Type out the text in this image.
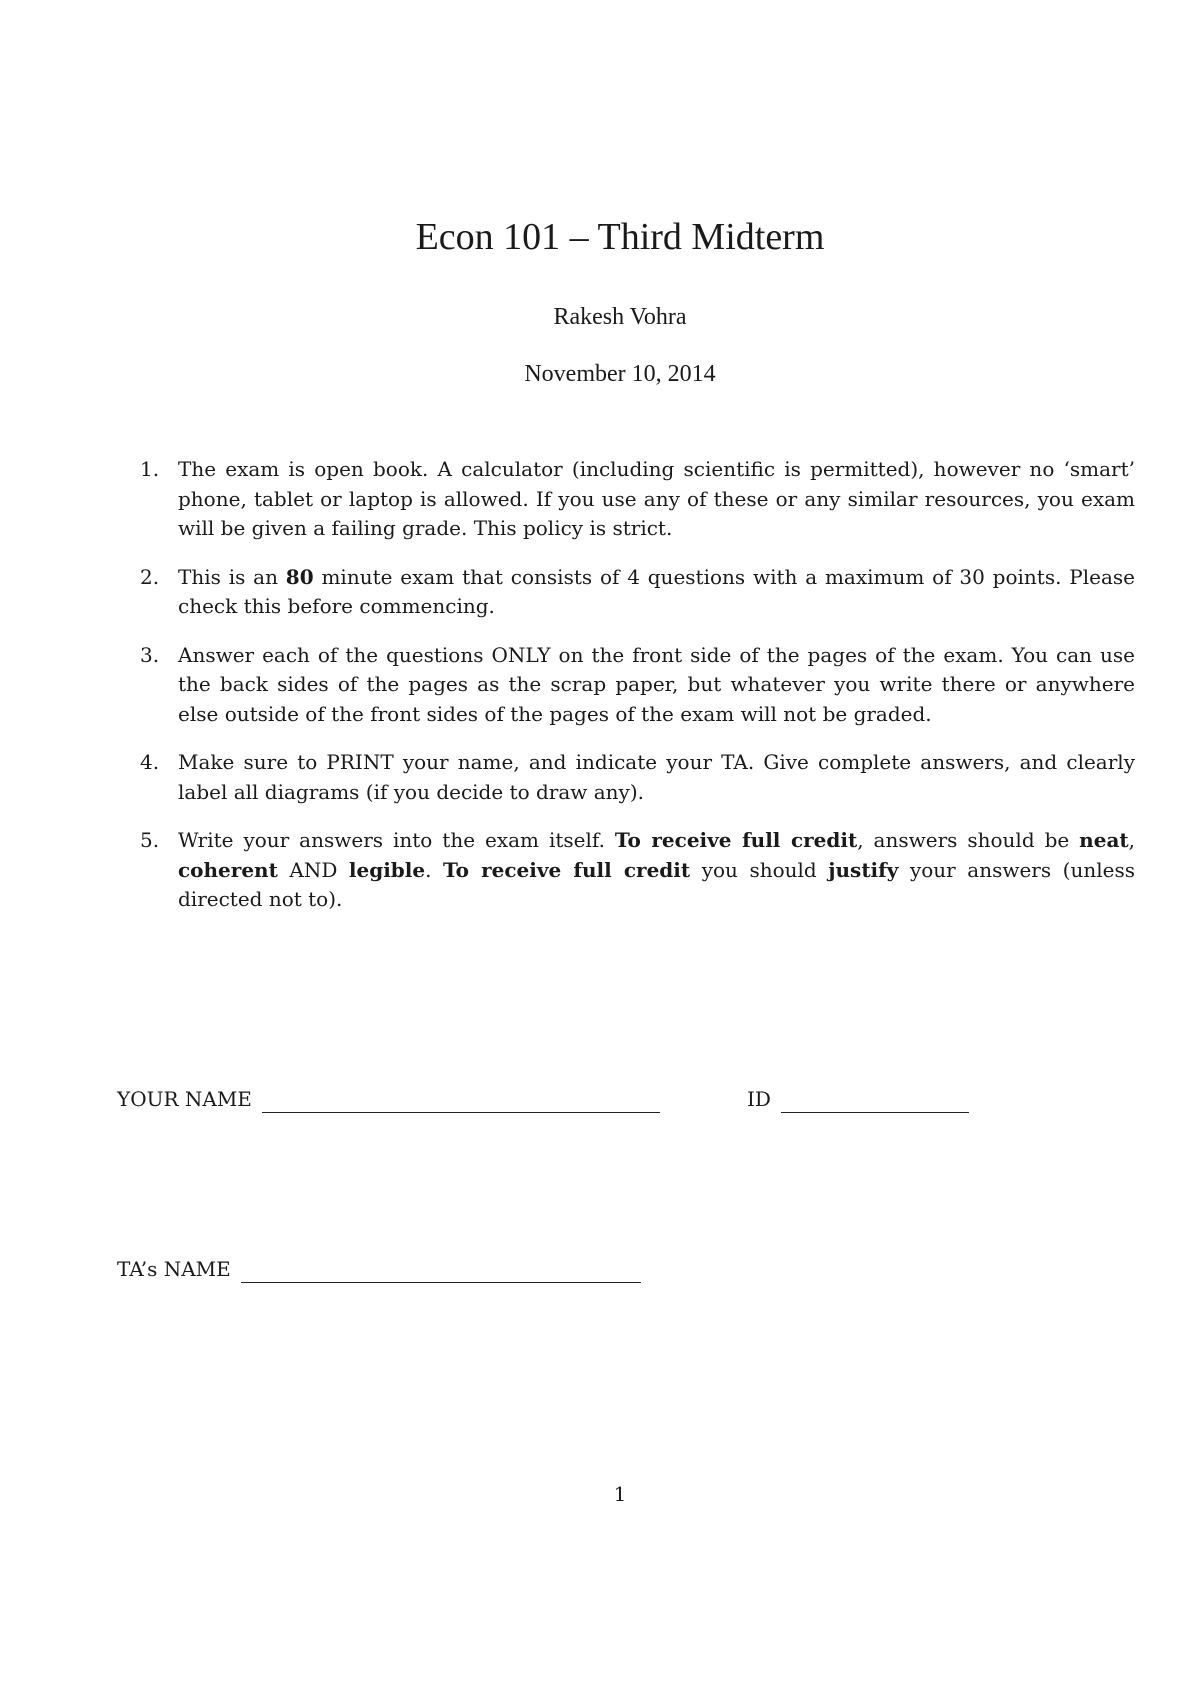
Econ 101 – Third Midterm
Rakesh Vohra
November 10, 2014
1. The exam is open book. A calculator (including scientific is permitted), however no ‘smart’ phone, tablet or laptop is allowed. If you use any of these or any similar resources, you exam will be given a failing grade. This policy is strict.
2. This is an 80 minute exam that consists of 4 questions with a maximum of 30 points. Please check this before commencing.
3. Answer each of the questions ONLY on the front side of the pages of the exam. You can use the back sides of the pages as the scrap paper, but whatever you write there or anywhere else outside of the front sides of the pages of the exam will not be graded.
4. Make sure to PRINT your name, and indicate your TA. Give complete answers, and clearly label all diagrams (if you decide to draw any).
5. Write your answers into the exam itself. To receive full credit, answers should be neat, coherent AND legible. To receive full credit you should justify your answers (unless directed not to).
YOUR NAME	ID
TA’s NAME
1
